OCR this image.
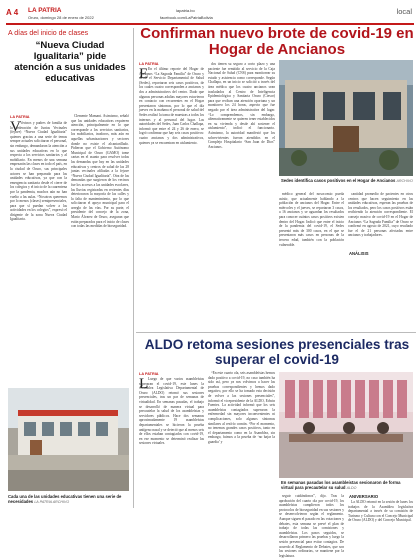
A 4 LA PATRIA
Oruro, domingo 28 de enero de 2022
lapatria.bo
facebook.com/LaPatriaBolivia
local
A días del inicio de clases
“Nueva Ciudad Igualitaria” pide atención a sus unidades educativas
LA PATRIA
V Vecinos y padres de familia de la federación de Juntas Vecinales (fejuve) “Nueva Ciudad Igualitaria” quienes gracias a una serie de temas sempre actuales solicitaron el personal, sin embargo, demandaron la atención a sus unidades educativas en lo que respecta a los servicios sanitarios y al mobiliario. En menos de una semana empezarán las clases en todo el país, en la ciudad de Oruro, sus principales actores se han preparado para las unidades educativas, ya que con la emergencia sanitaria desde el cierre de los colegios y el inicio de la cuarentena por la pandemia, muchos aún no han vuelto a las aulas. “Nosotros queremos por lo menos (clases) semipresenciales, para que sí puedan volver a las actividades en los colegios”, expresó el dirigente de la zona Nueva Ciudad Igualitaria.

Clemente Mamani. Asimismo, señaló que las unidades educativas requieren atención, principalmente en lo que corresponde a los servicios sanitarios, los mobiliarios, inodoros, más aún en aquellas urbanizaciones y sectores donde no existe el alcantarillado. Pidieron que el Gobierno Autónomo Municipal de Oruro (GAMO) tome cartas en el asunto para resolver todas las demandas que hay en las unidades educativas y centros de salud de las 28 juntas vecinales afiliadas a la fejuve “Nueva Ciudad Igualitaria”. Otra de las demandas que surgieron de los vecinos fue los accesos a las unidades escolares, las lluvias registradas en recientes días deterioraron la mayoría de las calles y la falta de mantenimiento, por lo que solicitaron el apoyo municipal para el arreglo de las vías. Por su parte, el presidente del concejo de la zona, Mario Álvarez de Oruro, aseguran que están preparados para el inicio de clases con todas las medidas de bioseguridad.

Cada una de las unidades educativas tienen una serie de necesidades LA PATRIA ARCHIVO
Confirman nuevo brote de covid-19 en Hogar de Ancianos
LA PATRIA
E En el último reporte del Hogar de Ancianos “La Sagrada Familia” de Oruro y desde el Servicio Departamental de Salud (Sedes), reportaron seis casos positivos, de los cuales cuatro corresponden a ancianos y dos a administrativos del centro. Dado que algunas personas adultas mayores estuvieron en contacto con recurrentes en el Hogar presentaron síntomas, por lo que el día jueves en la mañana el personal de salud del Sedes realizó la toma de muestras a todos los internos y al personal del lugar. Las autoridades del Sedes, Juan Carlos Challapa, informó que entre el 24 y 26 de enero, se logró confirmar que hay seis casos positivos: cuatro ancianos y dos administrativos, quienes ya se encuentran en aislamiento.

dos tienen su seguro a corto plazo y una paciente fue remitido al servicio de la Caja Nacional de Salud (CNS) para monitorear su estado y asistencia como corresponde. Según Challapa, en un inicio se solicitó a través del área médica que los cuatro ancianos sean trasladados al Centro de Inteligencia Epidemiológica y Sanitaria Oruro (Ciesor) para que reciban una atención oportuna y un monitoreo los 24 horas, aspecto que fue negado por el área administrativa del lugar. “Lo comprendemos, sin embargo, alternativamente se quieren tener establecidos en su vivienda y desde ahí sostener el aislamiento”, indicó el funcionario. Asimismo, la autoridad manifestó que los sobrevivientes fueron atendidos en el Complejo Hospitalario “San Juan de Dios” Ancianos.

Sedes identifica casos positivos en el Hogar de Ancianos ARCHIVO

médico general del nosocomio pueda asistir, que actualmente hablando a la población de ancianos del Hogar. Entre el miércoles y el jueves, se reportaron 3 casos, a 16 ancianos y se aguardan los resultados para conocer cuántos casos positivos existen dentro del Hogar. Indicó que entre el inicio de la pandemia del covid-19, el Sedes presentó más de 300 casos, en el que se presentaron más casos en personas de la tercera edad, también con la población vulnerable.

cantidad promedio de pacientes en otros centros que hacen seguimiento en las unidades educativas, esperan las pruebas de los resultados, pero los casos positivos están recibiendo la atención correspondiente. El consejo masivo de covid-19 en el Hogar de Ancianos “La Sagrada Familia” de Oruro se confirmó en agosto de 2021, cuyo resultado fue el de 21 personas afectadas entre ancianos y trabajadores.

ANÁLISIS
ALDO retoma sesiones presenciales tras superar el covid-19
LA PATRIA
L Luego de que varios asambleístas superaran el covid-19, este lunes la Asamblea Legislativa Departamental de Oruro (ALDO) retomó sus sesiones presenciales, tras un par de semanas de virtualidad. En semanas pasadas, el trabajo se desarrolló de manera virtual para precautelar la salud de los asambleístas y servidores públicos. Hace dos semanas aproximadamente 19 asambleístas departamentales se hicieron la prueba antígeno nasal y se detectó que al menos seis de ellos estaban contagiados con covid-19, en ese momento se determinó realizar las sesiones virtuales.

“En este cuarto ola, seis asambleístas hemos dado positivo a covid-19, no caso también ha sido así, pero ya nos volvimos a hacer las pruebas correspondientes y hemos dado negativo, por ello se ha tomado esta decisión de volver a las sesiones presenciales”, informó el vicepresidente de la ALDO, Edwin Fuentes. La actividad informó que los seis asambleístas contagiados superaron la enfermedad sin mayores inconvenientes ni complicaciones, solo algunos síntomas similares al resfrío común. “Por el momento, no tenemos grandes casos positivos, tanto en el departamento como en la Asamblea, sin embargo, fuimos a la prueba de ‘no bajar la guardia’ y

En semanas pasadas los asambleístas sesionaron de forma virtual para precautelar su salud ALDO

seguir cuidándonos”, dijo. Tras la aprobación del cuarto ola por covid-19, los asambleístas cumplieron todos los protocolos de bioseguridad en sus sesiones y se desenvolvieron según el reglamento. Aunque siguen el pasado en las votaciones y debates, esta semana se prevé el plan de trabajo de todas las comisiones y asambleístas. Los pasos seguidos, se desarrollaron primero las pruebas y luego la sesión presencial para evitar contagios. De acuerdo al Reglamento de Debates, que son las sesiones ordinarias, se mantiene por la legislatura.

ANIVERSARIO

La ALDO retomó en la sesión de lunes los trabajos de la Asamblea legislativa departamental a través de su comisión de Turismo y Cultura con el Concejo Municipal de Oruro (ALDO) y del Concejo Municipal.
